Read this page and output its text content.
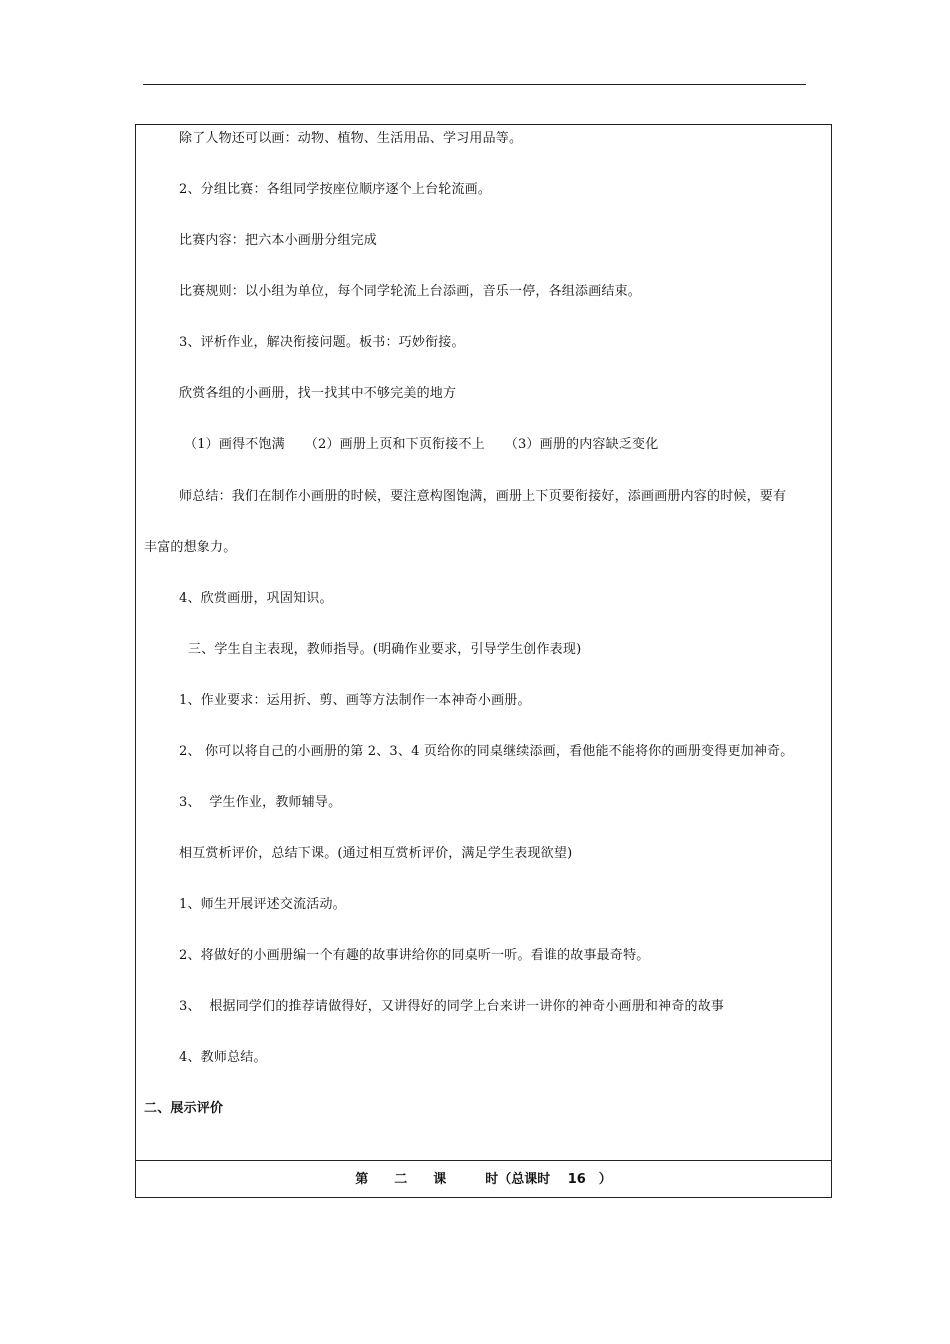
除了人物还可以画：动物、植物、生活用品、学习用品等。
2、分组比赛：各组同学按座位顺序逐个上台轮流画。
比赛内容：把六本小画册分组完成
比赛规则：以小组为单位，每个同学轮流上台添画，音乐一停，各组添画结束。
3、评析作业，解决衔接问题。板书：巧妙衔接。
欣赏各组的小画册，找一找其中不够完美的地方
（1）画得不饱满　　（2）画册上页和下页衔接不上　　（3）画册的内容缺乏变化
师总结：我们在制作小画册的时候，要注意构图饱满，画册上下页要衔接好，添画画册内容的时候，要有
丰富的想象力。
4、欣赏画册，巩固知识。
三、学生自主表现，教师指导。(明确作业要求，引导学生创作表现)
1、作业要求：运用折、剪、画等方法制作一本神奇小画册。
2、 你可以将自己的小画册的第 2、3、4 页给你的同桌继续添画，看他能不能将你的画册变得更加神奇。
3、  学生作业，教师辅导。
相互赏析评价，总结下课。(通过相互赏析评价，满足学生表现欲望)
1、师生开展评述交流活动。
2、将做好的小画册编一个有趣的故事讲给你的同桌听一听。看谁的故事最奇特。
3、  根据同学们的推荐请做得好，又讲得好的同学上台来讲一讲你的神奇小画册和神奇的故事
4、教师总结。
二、展示评价
第　　二　　课　　　时（总课时　 16　）
